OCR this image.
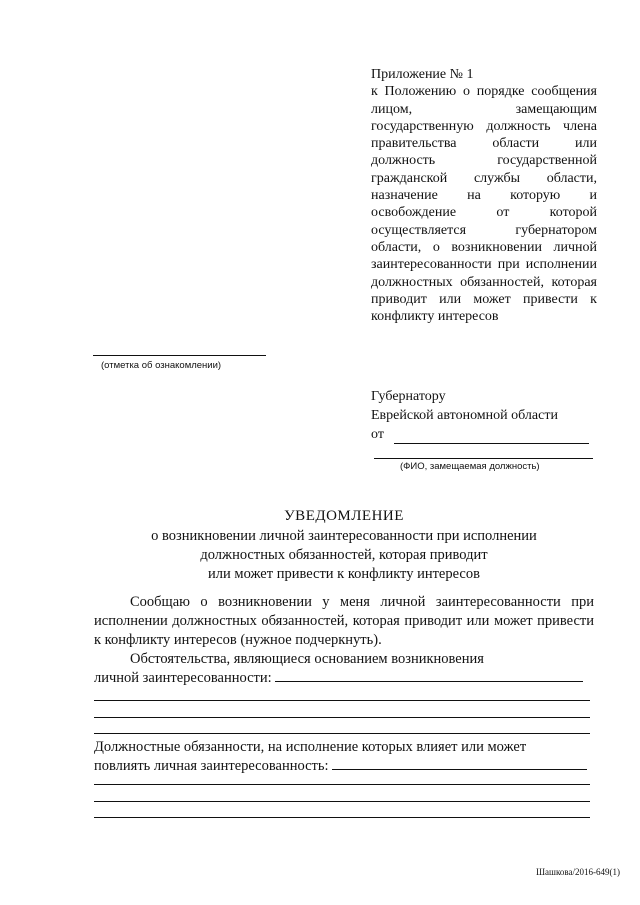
Приложение № 1
к Положению о порядке сообщения лицом, замещающим государственную должность члена правительства области или должность государственной гражданской службы области, назначение на которую и освобождение от которой осуществляется губернатором области, о возникновении личной заинтересованности при исполнении должностных обязанностей, которая приводит или может привести к конфликту интересов
(отметка об ознакомлении)
Губернатору
Еврейской автономной области
от
(ФИО, замещаемая должность)
УВЕДОМЛЕНИЕ
о возникновении личной заинтересованности при исполнении
должностных обязанностей, которая приводит
или может привести к конфликту интересов
Сообщаю о возникновении у меня личной заинтересованности при исполнении должностных обязанностей, которая приводит или может привести к конфликту интересов (нужное подчеркнуть).
Обстоятельства, являющиеся основанием возникновения
личной заинтересованности:
Должностные обязанности, на исполнение которых влияет или может
повлиять личная заинтересованность:
Шашкова/2016-649(1)
